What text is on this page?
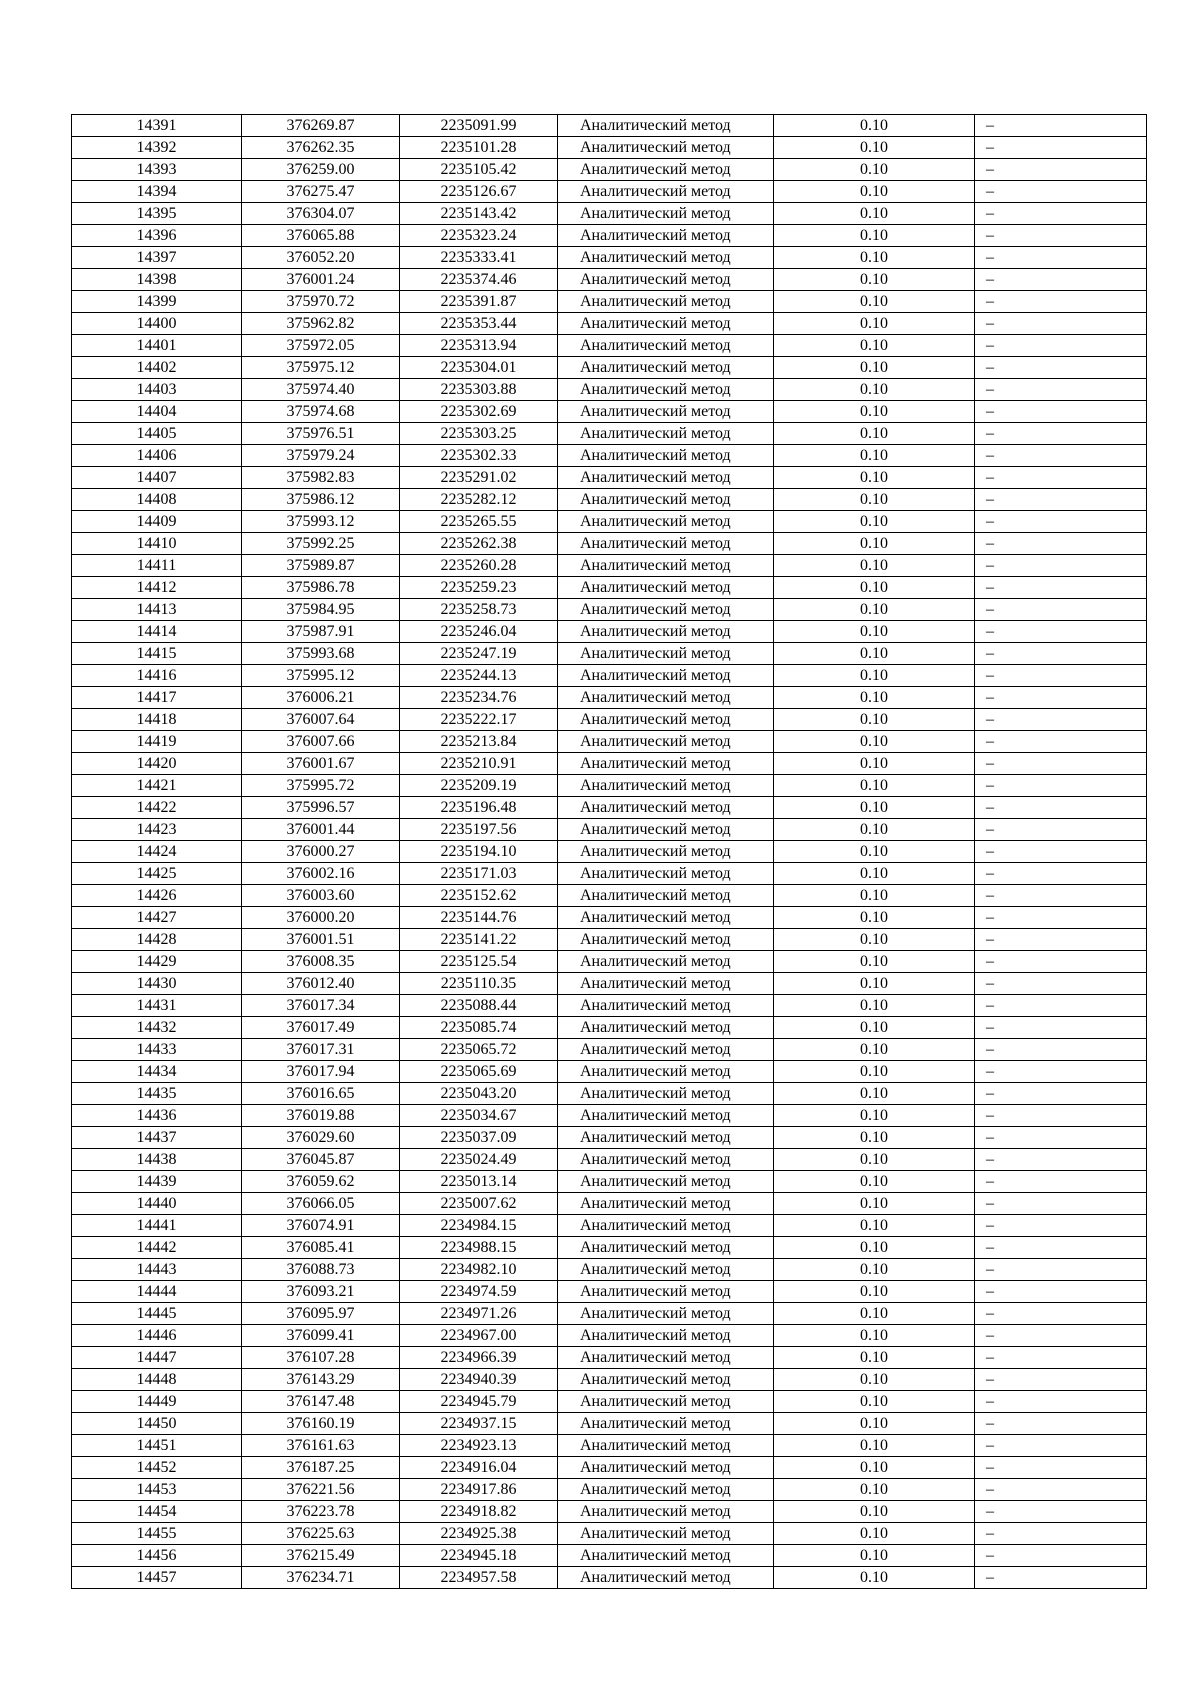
14391	376269.87	2235091.99	Аналитический метод	0.10	–
14392	376262.35	2235101.28	Аналитический метод	0.10	–
14393	376259.00	2235105.42	Аналитический метод	0.10	–
14394	376275.47	2235126.67	Аналитический метод	0.10	–
14395	376304.07	2235143.42	Аналитический метод	0.10	–
14396	376065.88	2235323.24	Аналитический метод	0.10	–
14397	376052.20	2235333.41	Аналитический метод	0.10	–
14398	376001.24	2235374.46	Аналитический метод	0.10	–
14399	375970.72	2235391.87	Аналитический метод	0.10	–
14400	375962.82	2235353.44	Аналитический метод	0.10	–
14401	375972.05	2235313.94	Аналитический метод	0.10	–
14402	375975.12	2235304.01	Аналитический метод	0.10	–
14403	375974.40	2235303.88	Аналитический метод	0.10	–
14404	375974.68	2235302.69	Аналитический метод	0.10	–
14405	375976.51	2235303.25	Аналитический метод	0.10	–
14406	375979.24	2235302.33	Аналитический метод	0.10	–
14407	375982.83	2235291.02	Аналитический метод	0.10	–
14408	375986.12	2235282.12	Аналитический метод	0.10	–
14409	375993.12	2235265.55	Аналитический метод	0.10	–
14410	375992.25	2235262.38	Аналитический метод	0.10	–
14411	375989.87	2235260.28	Аналитический метод	0.10	–
14412	375986.78	2235259.23	Аналитический метод	0.10	–
14413	375984.95	2235258.73	Аналитический метод	0.10	–
14414	375987.91	2235246.04	Аналитический метод	0.10	–
14415	375993.68	2235247.19	Аналитический метод	0.10	–
14416	375995.12	2235244.13	Аналитический метод	0.10	–
14417	376006.21	2235234.76	Аналитический метод	0.10	–
14418	376007.64	2235222.17	Аналитический метод	0.10	–
14419	376007.66	2235213.84	Аналитический метод	0.10	–
14420	376001.67	2235210.91	Аналитический метод	0.10	–
14421	375995.72	2235209.19	Аналитический метод	0.10	–
14422	375996.57	2235196.48	Аналитический метод	0.10	–
14423	376001.44	2235197.56	Аналитический метод	0.10	–
14424	376000.27	2235194.10	Аналитический метод	0.10	–
14425	376002.16	2235171.03	Аналитический метод	0.10	–
14426	376003.60	2235152.62	Аналитический метод	0.10	–
14427	376000.20	2235144.76	Аналитический метод	0.10	–
14428	376001.51	2235141.22	Аналитический метод	0.10	–
14429	376008.35	2235125.54	Аналитический метод	0.10	–
14430	376012.40	2235110.35	Аналитический метод	0.10	–
14431	376017.34	2235088.44	Аналитический метод	0.10	–
14432	376017.49	2235085.74	Аналитический метод	0.10	–
14433	376017.31	2235065.72	Аналитический метод	0.10	–
14434	376017.94	2235065.69	Аналитический метод	0.10	–
14435	376016.65	2235043.20	Аналитический метод	0.10	–
14436	376019.88	2235034.67	Аналитический метод	0.10	–
14437	376029.60	2235037.09	Аналитический метод	0.10	–
14438	376045.87	2235024.49	Аналитический метод	0.10	–
14439	376059.62	2235013.14	Аналитический метод	0.10	–
14440	376066.05	2235007.62	Аналитический метод	0.10	–
14441	376074.91	2234984.15	Аналитический метод	0.10	–
14442	376085.41	2234988.15	Аналитический метод	0.10	–
14443	376088.73	2234982.10	Аналитический метод	0.10	–
14444	376093.21	2234974.59	Аналитический метод	0.10	–
14445	376095.97	2234971.26	Аналитический метод	0.10	–
14446	376099.41	2234967.00	Аналитический метод	0.10	–
14447	376107.28	2234966.39	Аналитический метод	0.10	–
14448	376143.29	2234940.39	Аналитический метод	0.10	–
14449	376147.48	2234945.79	Аналитический метод	0.10	–
14450	376160.19	2234937.15	Аналитический метод	0.10	–
14451	376161.63	2234923.13	Аналитический метод	0.10	–
14452	376187.25	2234916.04	Аналитический метод	0.10	–
14453	376221.56	2234917.86	Аналитический метод	0.10	–
14454	376223.78	2234918.82	Аналитический метод	0.10	–
14455	376225.63	2234925.38	Аналитический метод	0.10	–
14456	376215.49	2234945.18	Аналитический метод	0.10	–
14457	376234.71	2234957.58	Аналитический метод	0.10	–
